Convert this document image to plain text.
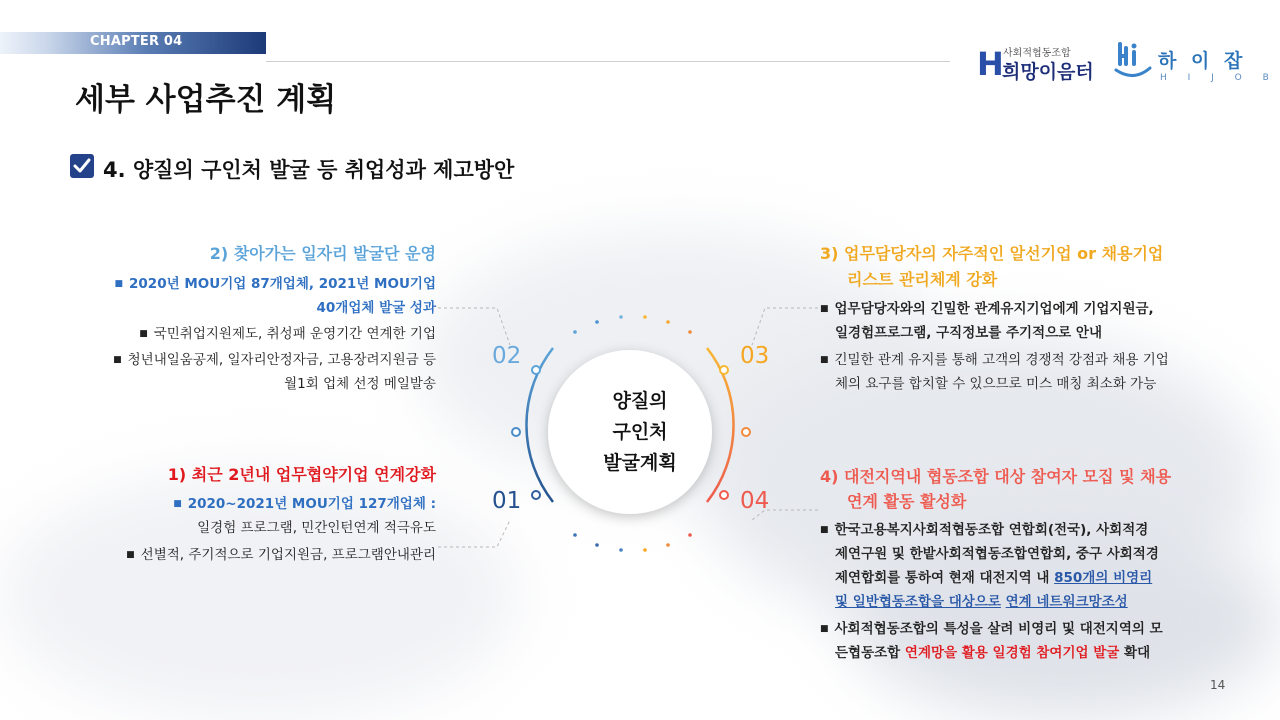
CHAPTER 04
세부 사업추진 계획
H 사회적협동조합
희망이음터	하 이 잡
H I J O B
4. 양질의 구인처 발굴 등 취업성과 제고방안
양질의
구인처
발굴계획
02
01
03
04
2) 찾아가는 일자리 발굴단 운영
■ 2020년 MOU기업 87개업체, 2021년 MOU기업
40개업체 발굴 성과
■ 국민취업지원제도, 취성패 운영기간 연계한 기업
■ 청년내일움공제, 일자리안정자금, 고용장려지원금 등
월1회 업체 선정 메일발송
1) 최근 2년내 업무협약기업 연계강화
■ 2020~2021년 MOU기업 127개업체 :
일경험 프로그램, 민간인턴연계 적극유도
■ 선별적, 주기적으로 기업지원금, 프로그램안내관리
3) 업무담당자의 자주적인 알선기업 or 채용기업
리스트 관리체계 강화
■ 업무담당자와의 긴밀한 관계유지기업에게 기업지원금,
일경험프로그램, 구직정보를 주기적으로 안내
■ 긴밀한 관계 유지를 통해 고객의 경쟁적 강점과 채용 기업
체의 요구를 합치할 수 있으므로 미스 매칭 최소화 가능
4) 대전지역내 협동조합 대상 참여자 모집 및 채용
연계 활동 활성화
■ 한국고용복지사회적협동조합 연합회(전국), 사회적경
제연구원 및 한밭사회적협동조합연합회, 중구 사회적경
제연합회를 통하여 현재 대전지역 내 850개의 비영리
및 일반협동조합을 대상으로 연계 네트워크망조성
■ 사회적협동조합의 특성을 살려 비영리 및 대전지역의 모
든협동조합 연계망을 활용 일경험 참여기업 발굴 확대
14
